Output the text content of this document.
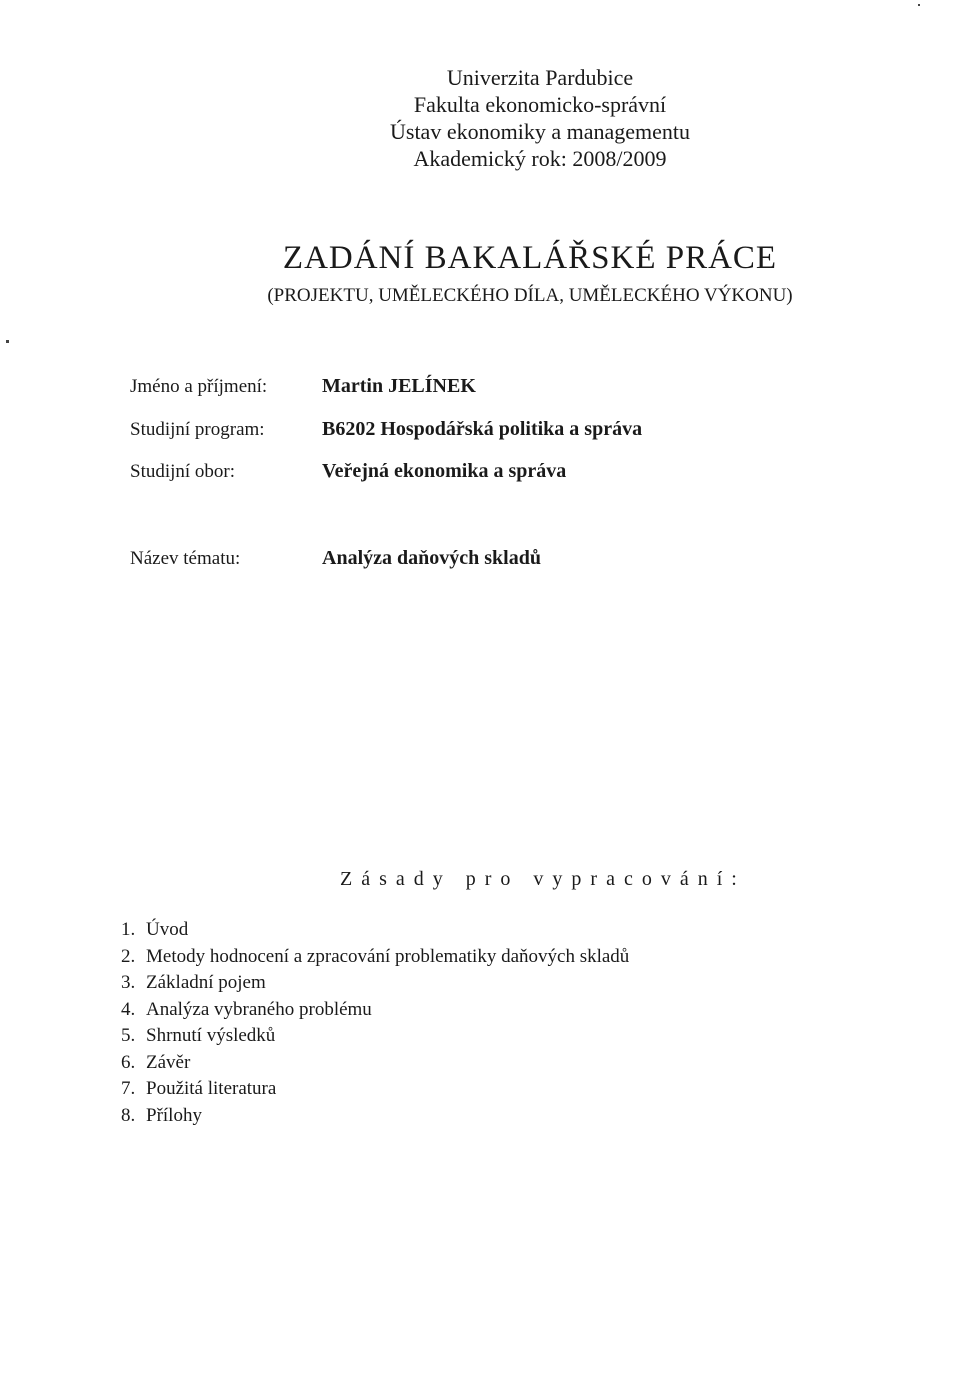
Univerzita Pardubice
Fakulta ekonomicko-správní
Ústav ekonomiky a managementu
Akademický rok: 2008/2009
ZADÁNÍ BAKALÁŘSKÉ PRÁCE
(PROJEKTU, UMĚLECKÉHO DÍLA, UMĚLECKÉHO VÝKONU)
Jméno a příjmení:	Martin JELÍNEK
Studijní program:	B6202 Hospodářská politika a správa
Studijní obor:	Veřejná ekonomika a správa
Název tématu:	Analýza daňových skladů
Zásady pro vypracování:
1. Úvod
2. Metody hodnocení a zpracování problematiky daňových skladů
3. Základní pojem
4. Analýza vybraného problému
5. Shrnutí výsledků
6. Závěr
7. Použitá literatura
8. Přílohy
